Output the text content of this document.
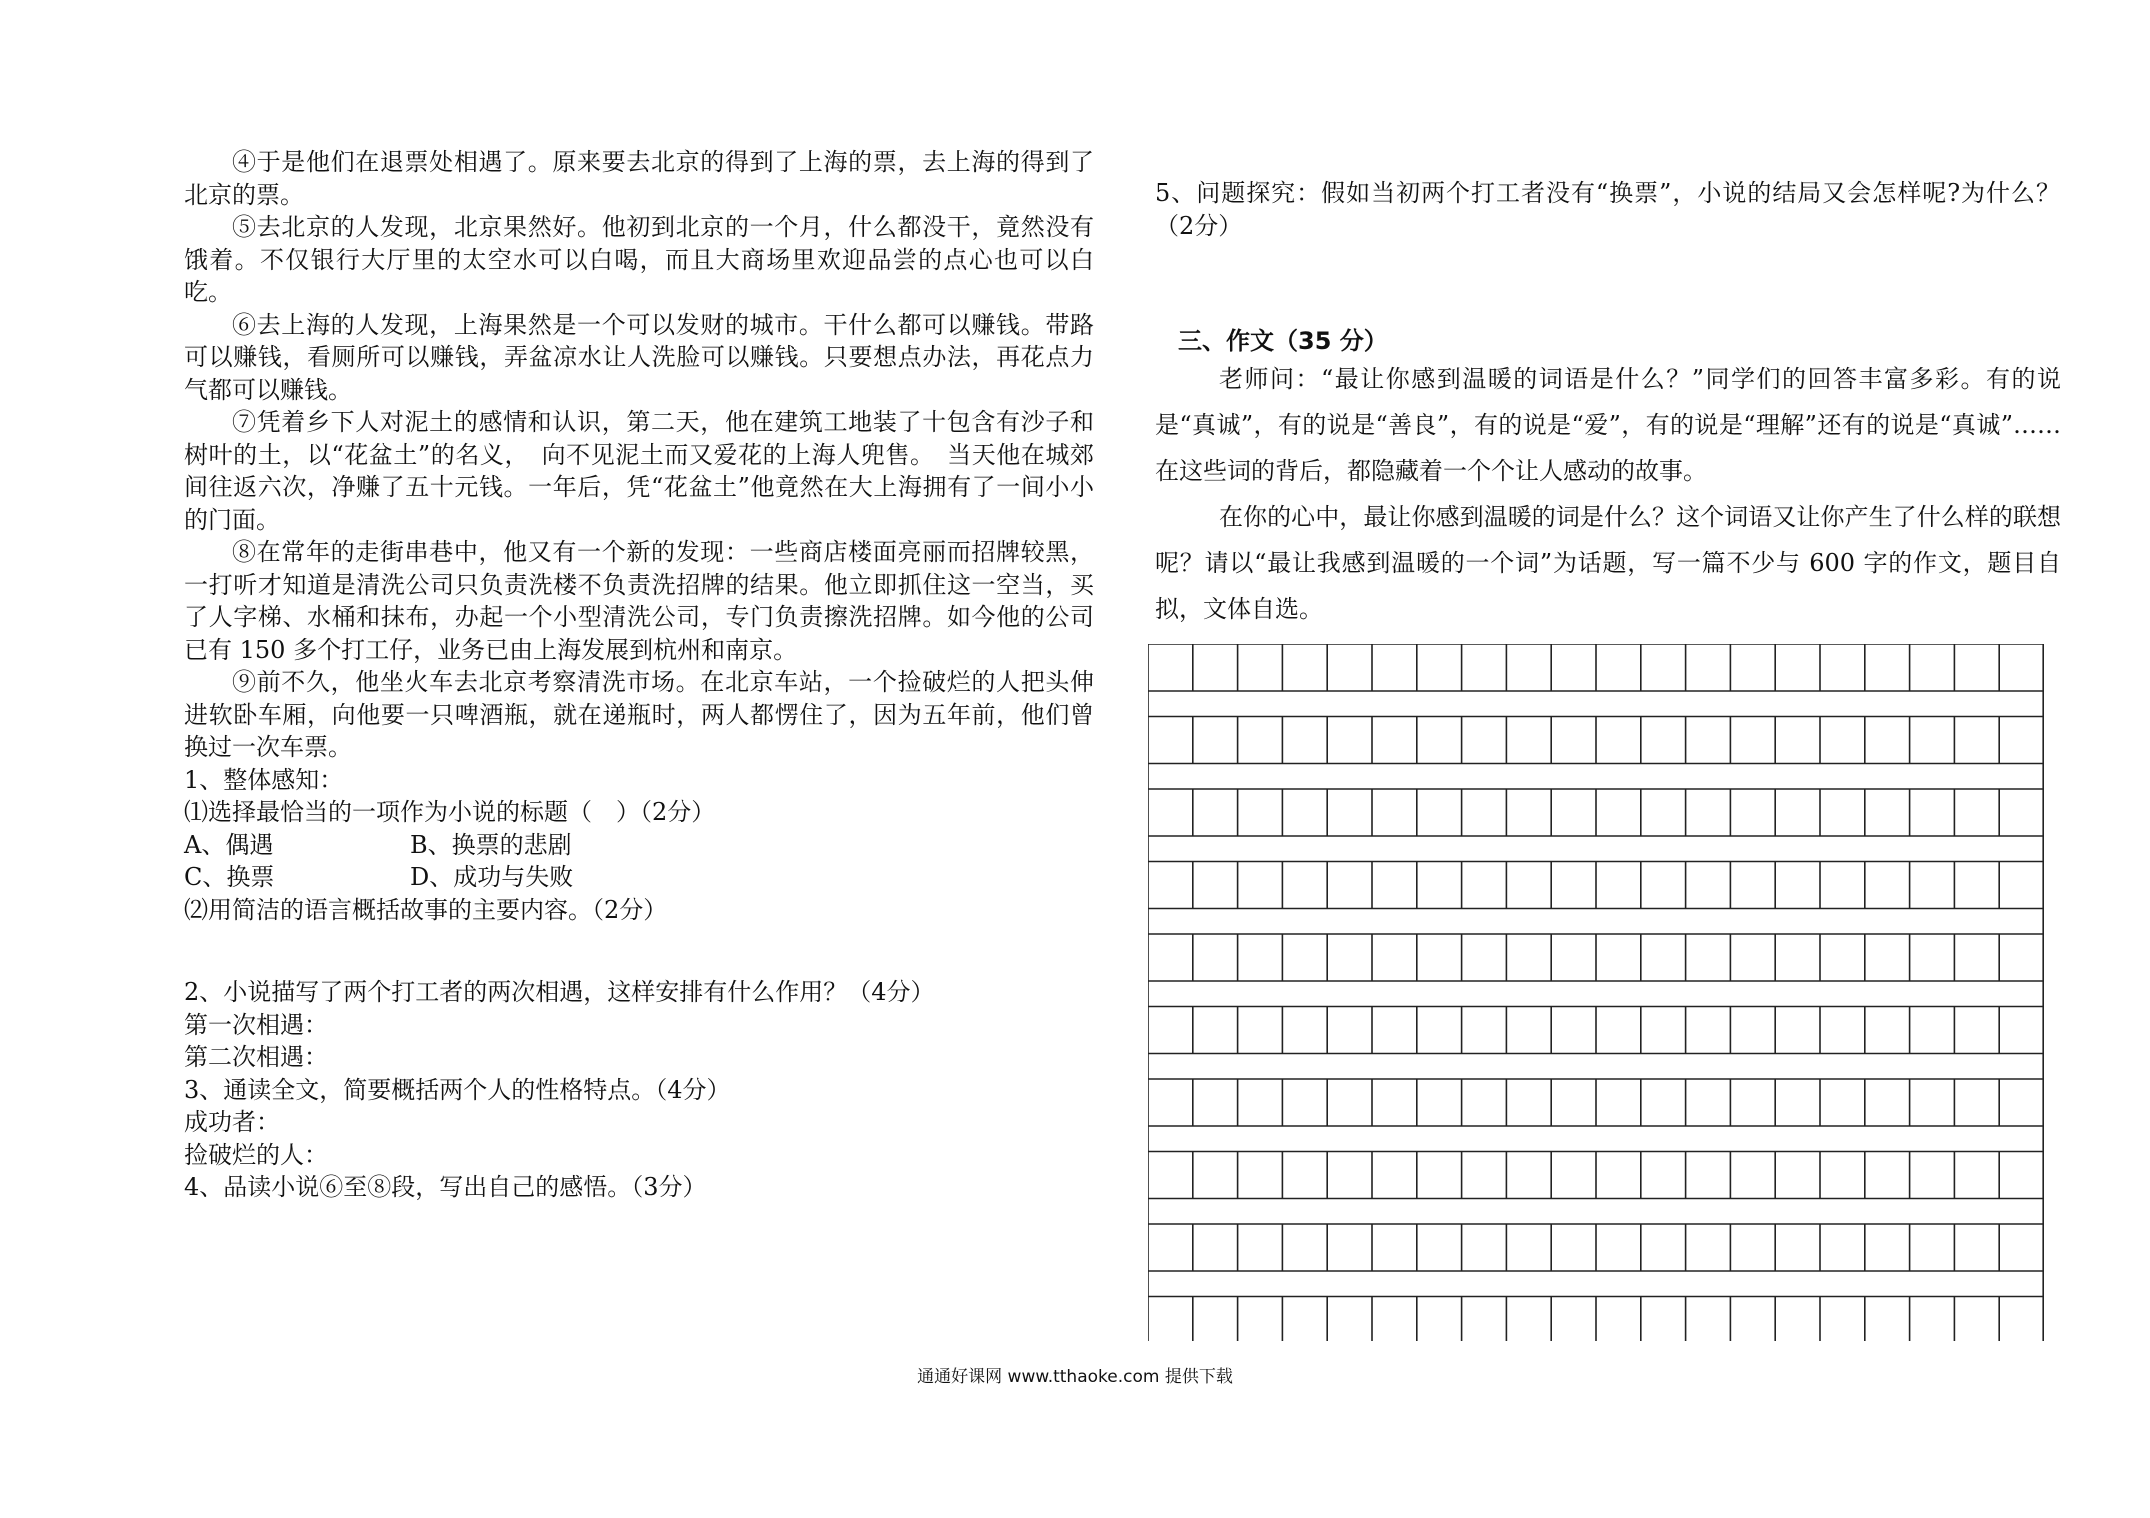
④于是他们在退票处相遇了。原来要去北京的得到了上海的票，去上海的得到了北京的票。

⑤去北京的人发现，北京果然好。他初到北京的一个月，什么都没干，竟然没有饿着。不仅银行大厅里的太空水可以白喝，而且大商场里欢迎品尝的点心也可以白吃。

⑥去上海的人发现，上海果然是一个可以发财的城市。干什么都可以赚钱。带路可以赚钱，看厕所可以赚钱，弄盆凉水让人洗脸可以赚钱。只要想点办法，再花点力气都可以赚钱。

⑦凭着乡下人对泥土的感情和认识，第二天，他在建筑工地装了十包含有沙子和树叶的土，以“花盆土”的名义，　向不见泥土而又爱花的上海人兜售。　当天他在城郊间往返六次，净赚了五十元钱。一年后，凭“花盆土”他竟然在大上海拥有了一间小小的门面。

⑧在常年的走街串巷中，他又有一个新的发现：一些商店楼面亮丽而招牌较黑，一打听才知道是清洗公司只负责洗楼不负责洗招牌的结果。他立即抓住这一空当，买了人字梯、水桶和抹布，办起一个小型清洗公司，专门负责擦洗招牌。如今他的公司已有 150 多个打工仔，业务已由上海发展到杭州和南京。

⑨前不久，他坐火车去北京考察清洗市场。在北京车站，一个捡破烂的人把头伸进软卧车厢，向他要一只啤酒瓶，就在递瓶时，两人都愣住了，因为五年前，他们曾换过一次车票。

1、整体感知：

⑴选择最恰当的一项作为小说的标题（　）（2分）

A、偶遇	B、换票的悲剧
C、换票	D、成功与失败

⑵用简洁的语言概括故事的主要内容。（2分）

2、小说描写了两个打工者的两次相遇，这样安排有什么作用？（4分）

第一次相遇：

第二次相遇：

3、通读全文，简要概括两个人的性格特点。（4分）

成功者：

捡破烂的人：

4、品读小说⑥至⑧段，写出自己的感悟。（3分）

5、问题探究：假如当初两个打工者没有“换票”，小说的结局又会怎样呢?为什么？（2分）

三、作文（35 分）

老师问：“最让你感到温暖的词语是什么？”同学们的回答丰富多彩。有的说是“真诚”，有的说是“善良”，有的说是“爱”，有的说是“理解”还有的说是“真诚”……在这些词的背后，都隐藏着一个个让人感动的故事。

在你的心中，最让你感到温暖的词是什么？这个词语又让你产生了什么样的联想呢？请以“最让我感到温暖的一个词”为话题，写一篇不少与 600 字的作文，题目自拟，文体自选。

通通好课网 www.tthaoke.com 提供下载
